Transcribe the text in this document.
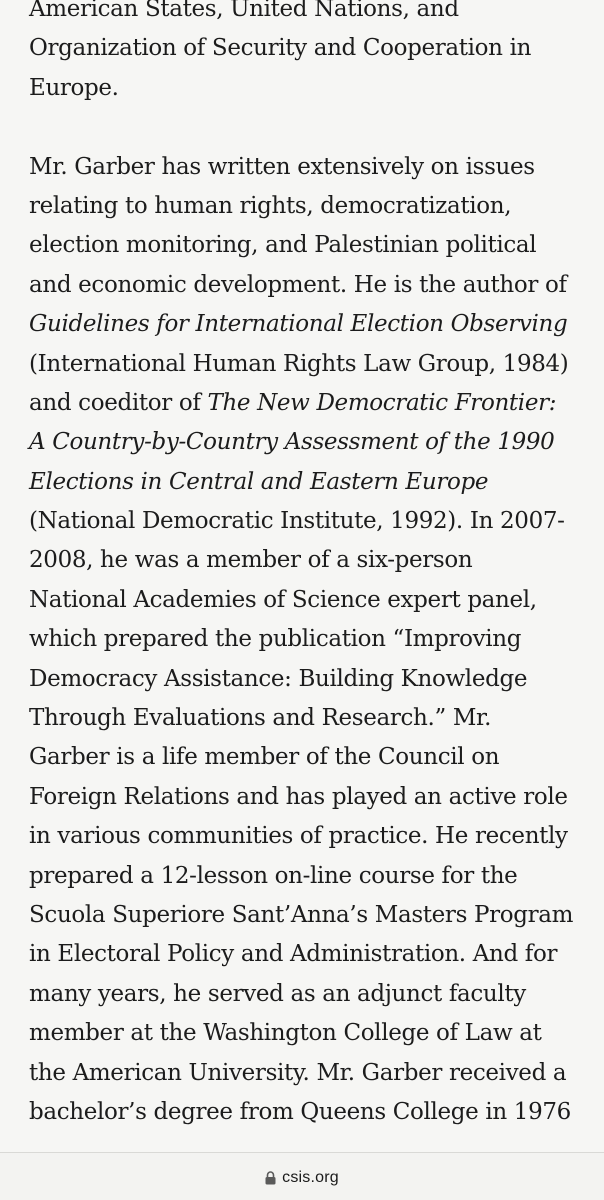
American States, United Nations, and
Organization of Security and Cooperation in
Europe.
Mr. Garber has written extensively on issues
relating to human rights, democratization,
election monitoring, and Palestinian political
and economic development. He is the author of
Guidelines for International Election Observing
(International Human Rights Law Group, 1984)
and coeditor of The New Democratic Frontier:
A Country-by-Country Assessment of the 1990
Elections in Central and Eastern Europe
(National Democratic Institute, 1992). In 2007-
2008, he was a member of a six-person
National Academies of Science expert panel,
which prepared the publication “Improving
Democracy Assistance: Building Knowledge
Through Evaluations and Research.” Mr.
Garber is a life member of the Council on
Foreign Relations and has played an active role
in various communities of practice. He recently
prepared a 12-lesson on-line course for the
Scuola Superiore Sant’Anna’s Masters Program
in Electoral Policy and Administration. And for
many years, he served as an adjunct faculty
member at the Washington College of Law at
the American University. Mr. Garber received a
bachelor’s degree from Queens College in 1976
csis.org
